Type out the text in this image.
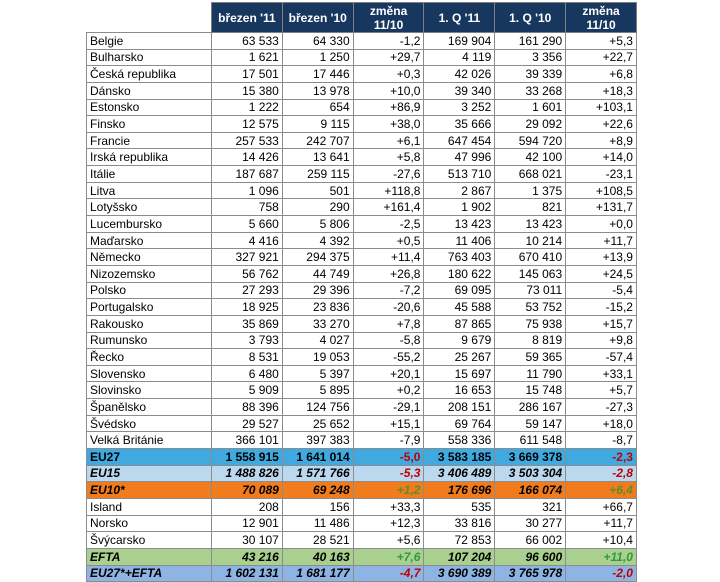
	březen '11	březen '10	změna 11/10	1. Q '11	1. Q '10	změna 11/10
Belgie	63 533	64 330	-1,2	169 904	161 290	+5,3
Bulharsko	1 621	1 250	+29,7	4 119	3 356	+22,7
Česká republika	17 501	17 446	+0,3	42 026	39 339	+6,8
Dánsko	15 380	13 978	+10,0	39 340	33 268	+18,3
Estonsko	1 222	654	+86,9	3 252	1 601	+103,1
Finsko	12 575	9 115	+38,0	35 666	29 092	+22,6
Francie	257 533	242 707	+6,1	647 454	594 720	+8,9
Irská republika	14 426	13 641	+5,8	47 996	42 100	+14,0
Itálie	187 687	259 115	-27,6	513 710	668 021	-23,1
Litva	1 096	501	+118,8	2 867	1 375	+108,5
Lotyšsko	758	290	+161,4	1 902	821	+131,7
Lucembursko	5 660	5 806	-2,5	13 423	13 423	+0,0
Maďarsko	4 416	4 392	+0,5	11 406	10 214	+11,7
Německo	327 921	294 375	+11,4	763 403	670 410	+13,9
Nizozemsko	56 762	44 749	+26,8	180 622	145 063	+24,5
Polsko	27 293	29 396	-7,2	69 095	73 011	-5,4
Portugalsko	18 925	23 836	-20,6	45 588	53 752	-15,2
Rakousko	35 869	33 270	+7,8	87 865	75 938	+15,7
Rumunsko	3 793	4 027	-5,8	9 679	8 819	+9,8
Řecko	8 531	19 053	-55,2	25 267	59 365	-57,4
Slovensko	6 480	5 397	+20,1	15 697	11 790	+33,1
Slovinsko	5 909	5 895	+0,2	16 653	15 748	+5,7
Španělsko	88 396	124 756	-29,1	208 151	286 167	-27,3
Švédsko	29 527	25 652	+15,1	69 764	59 147	+18,0
Velká Británie	366 101	397 383	-7,9	558 336	611 548	-8,7
EU27	1 558 915	1 641 014	-5,0	3 583 185	3 669 378	-2,3
EU15	1 488 826	1 571 766	-5,3	3 406 489	3 503 304	-2,8
EU10*	70 089	69 248	+1,2	176 696	166 074	+6,4
Island	208	156	+33,3	535	321	+66,7
Norsko	12 901	11 486	+12,3	33 816	30 277	+11,7
Švýcarsko	30 107	28 521	+5,6	72 853	66 002	+10,4
EFTA	43 216	40 163	+7,6	107 204	96 600	+11,0
EU27*+EFTA	1 602 131	1 681 177	-4,7	3 690 389	3 765 978	-2,0
